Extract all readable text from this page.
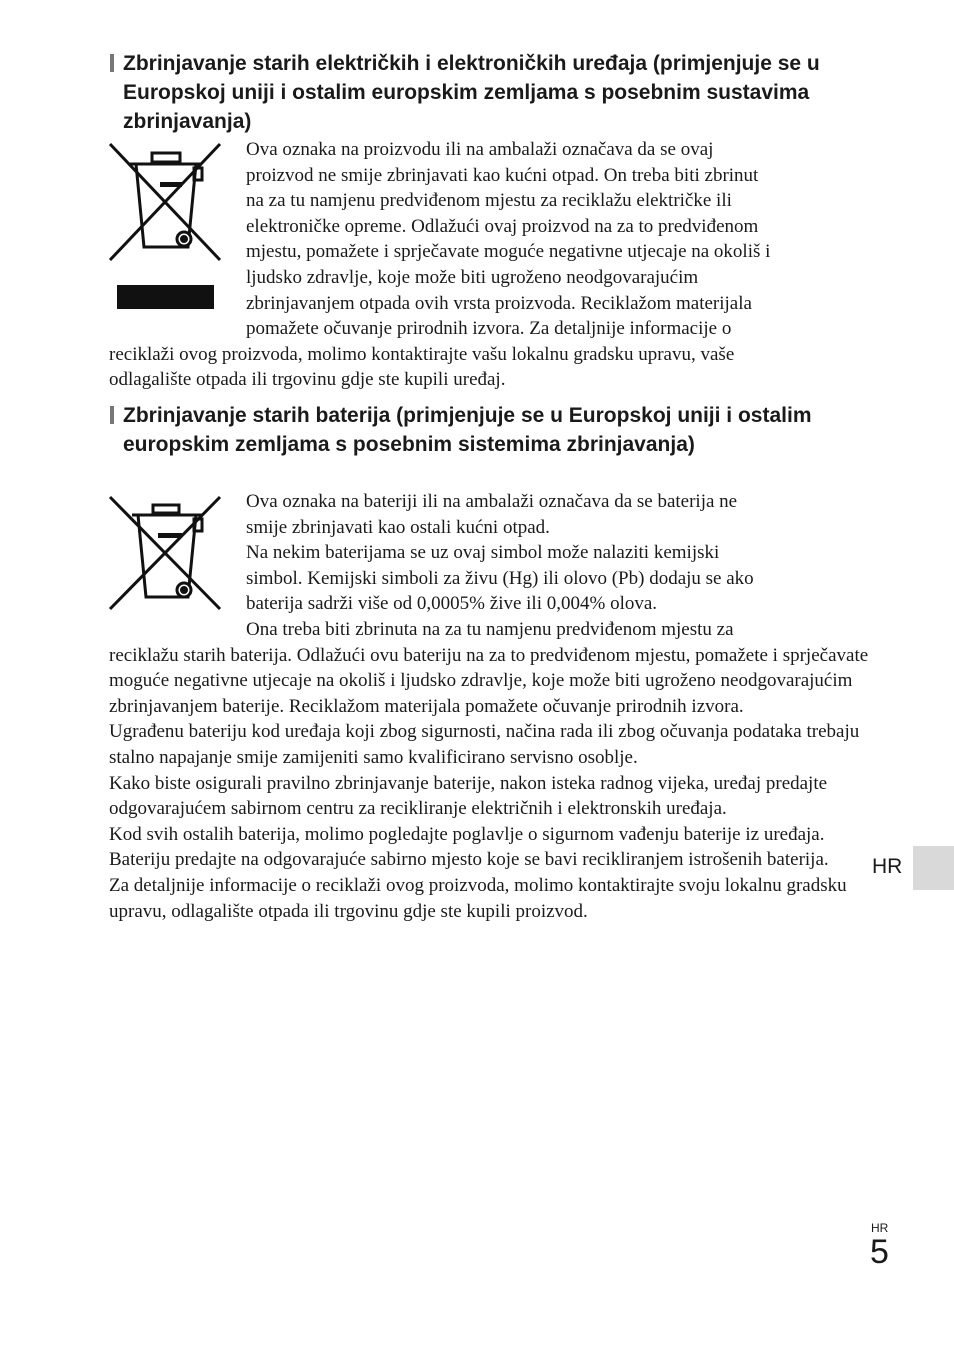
Zbrinjavanje starih električkih i elektroničkih uređaja (primjenjuje se u Europskoj uniji i ostalim europskim zemljama s posebnim sustavima zbrinjavanja)
Ova oznaka na proizvodu ili na ambalaži označava da se ovaj
proizvod ne smije zbrinjavati kao kućni otpad. On treba biti zbrinut
na za tu namjenu predviđenom mjestu za reciklažu električke ili
elektroničke opreme. Odlažući ovaj proizvod na za to predviđenom
mjestu, pomažete i sprječavate moguće negativne utjecaje na okoliš i
ljudsko zdravlje, koje može biti ugroženo neodgovarajućim
zbrinjavanjem otpada ovih vrsta proizvoda. Reciklažom materijala
pomažete očuvanje prirodnih izvora. Za detaljnije informacije o
reciklaži ovog proizvoda, molimo kontaktirajte vašu lokalnu gradsku upravu, vaše
odlagalište otpada ili trgovinu gdje ste kupili uređaj.
Zbrinjavanje starih baterija (primjenjuje se u Europskoj uniji i ostalim europskim zemljama s posebnim sistemima zbrinjavanja)
Ova oznaka na bateriji ili na ambalaži označava da se baterija ne
smije zbrinjavati kao ostali kućni otpad.
Na nekim baterijama se uz ovaj simbol može nalaziti kemijski
simbol. Kemijski simboli za živu (Hg) ili olovo (Pb) dodaju se ako
baterija sadrži više od 0,0005% žive ili 0,004% olova.
Ona treba biti zbrinuta na za tu namjenu predviđenom mjestu za

reciklažu starih baterija. Odlažući ovu bateriju na za to predviđenom mjestu, pomažete i sprječavate moguće negativne utjecaje na okoliš i ljudsko zdravlje, koje može biti ugroženo neodgovarajućim zbrinjavanjem baterije. Reciklažom materijala pomažete očuvanje prirodnih izvora.

Ugrađenu bateriju kod uređaja koji zbog sigurnosti, načina rada ili zbog očuvanja podataka trebaju stalno napajanje smije zamijeniti samo kvalificirano servisno osoblje.

Kako biste osigurali pravilno zbrinjavanje baterije, nakon isteka radnog vijeka, uređaj predajte odgovarajućem sabirnom centru za recikliranje električnih i elektronskih uređaja.

Kod svih ostalih baterija, molimo pogledajte poglavlje o sigurnom vađenju baterije iz uređaja. Bateriju predajte na odgovarajuće sabirno mjesto koje se bavi recikliranjem istrošenih baterija.

Za detaljnije informacije o reciklaži ovog proizvoda, molimo kontaktirajte svoju lokalnu gradsku upravu, odlagalište otpada ili trgovinu gdje ste kupili proizvod.

HR
HR
5
